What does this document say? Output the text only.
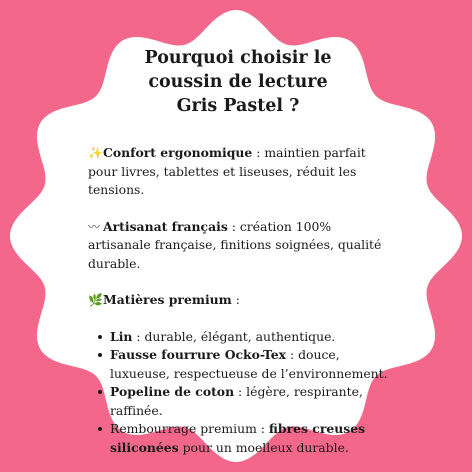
Pourquoi choisir le
coussin de lecture
Gris Pastel ?

✨Confort ergonomique : maintien parfait pour livres, tablettes et liseuses, réduit les tensions.

〰 Artisanat français : création 100% artisanale française, finitions soignées, qualité durable.

🌿Matières premium :

Lin : durable, élégant, authentique.
Fausse fourrure Ocko-Tex : douce, luxueuse, respectueuse de l’environnement.
Popeline de coton : légère, respirante, raffinée.
Rembourrage premium : fibres creuses siliconées pour un moelleux durable.
